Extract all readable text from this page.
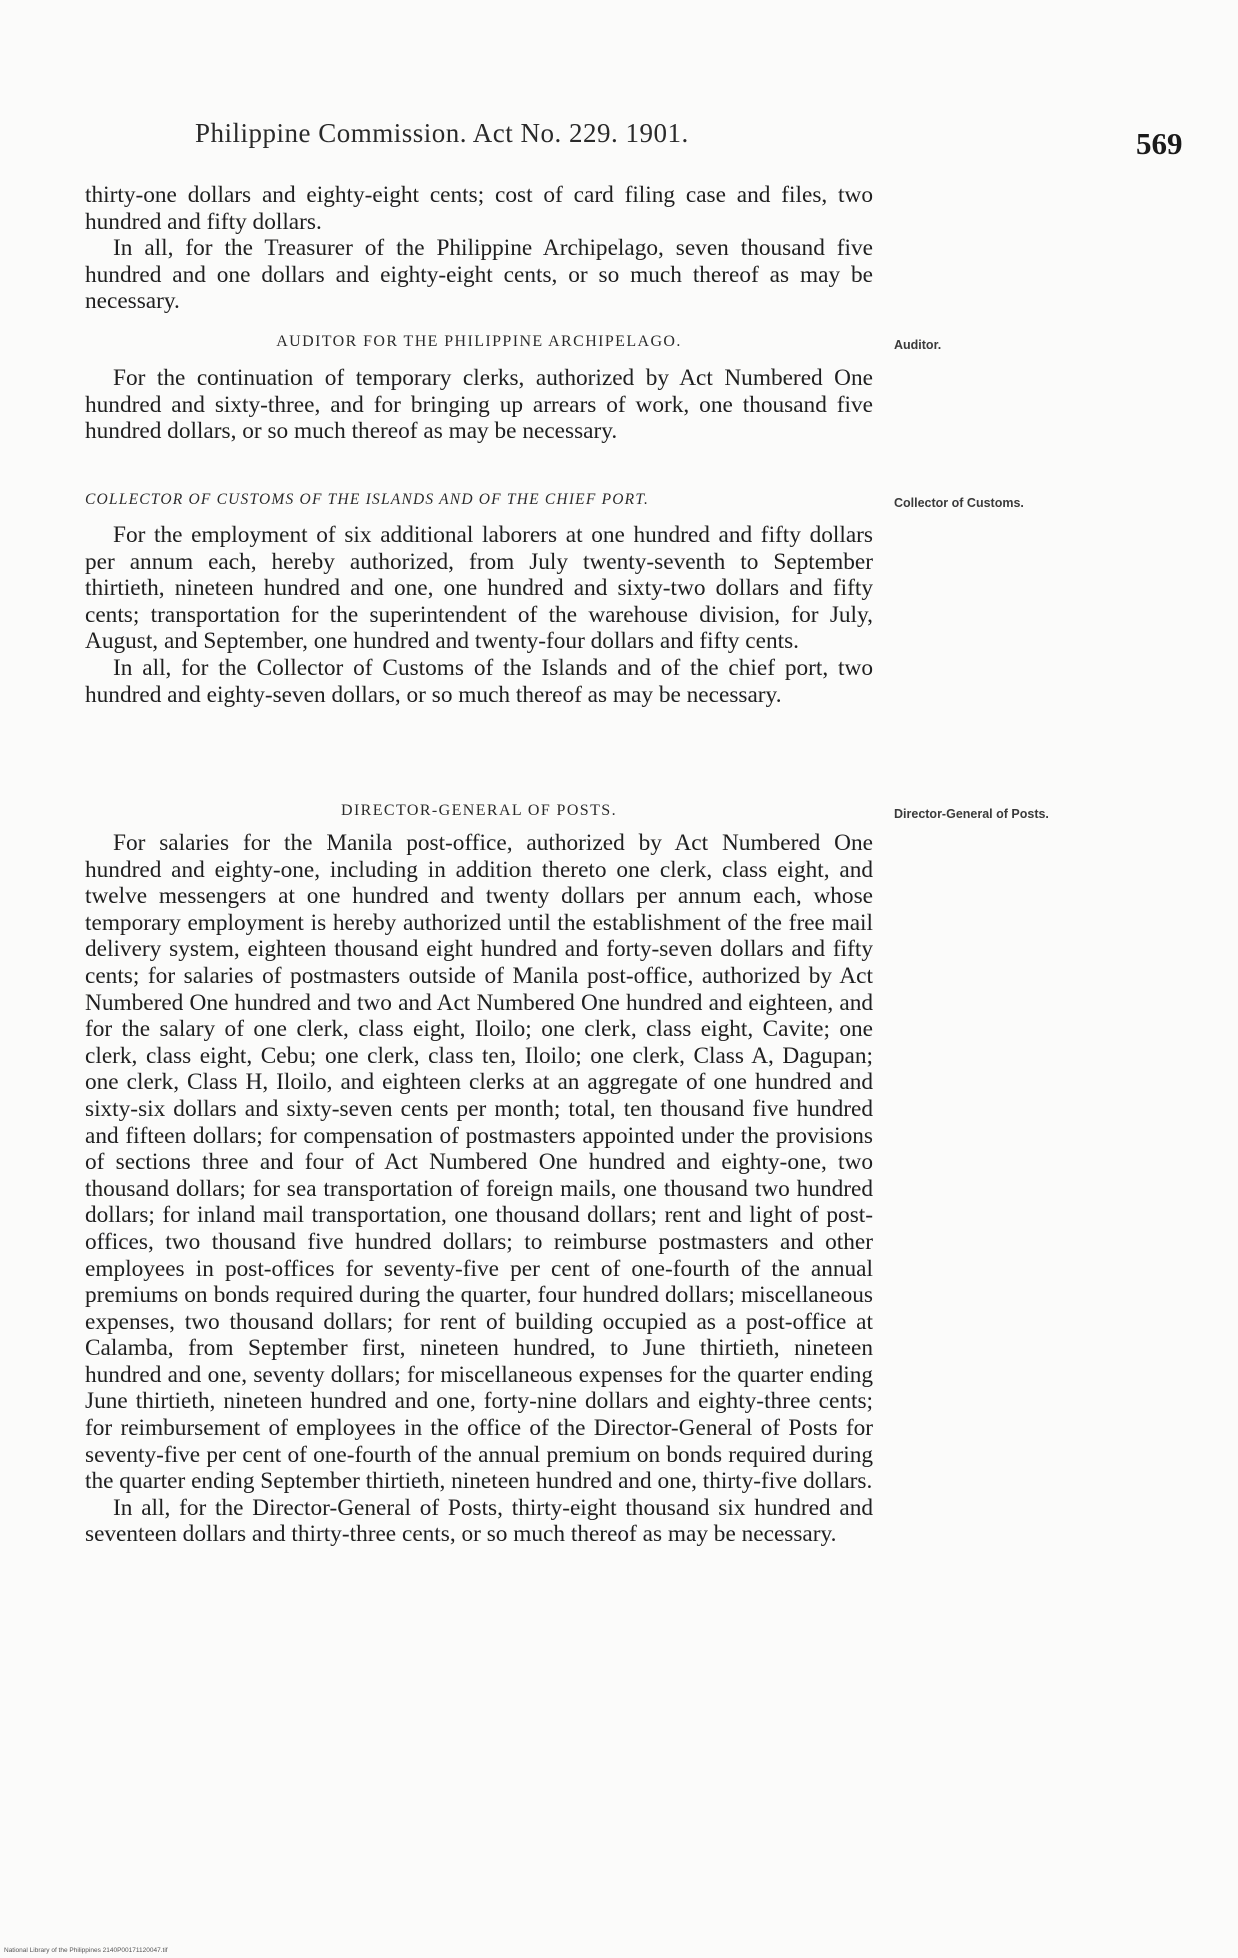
Philippine Commission. Act No. 229. 1901.	569

thirty-one dollars and eighty-eight cents; cost of card filing case and files, two hundred and fifty dollars.

In all, for the Treasurer of the Philippine Archipelago, seven thousand five hundred and one dollars and eighty-eight cents, or so much thereof as may be necessary.

AUDITOR FOR THE PHILIPPINE ARCHIPELAGO.	Auditor.

For the continuation of temporary clerks, authorized by Act Numbered One hundred and sixty-three, and for bringing up arrears of work, one thousand five hundred dollars, or so much thereof as may be necessary.

COLLECTOR OF CUSTOMS OF THE ISLANDS AND OF THE CHIEF PORT.	Collector of Customs.

For the employment of six additional laborers at one hundred and fifty dollars per annum each, hereby authorized, from July twenty-seventh to September thirtieth, nineteen hundred and one, one hundred and sixty-two dollars and fifty cents; transportation for the superintendent of the warehouse division, for July, August, and September, one hundred and twenty-four dollars and fifty cents.

In all, for the Collector of Customs of the Islands and of the chief port, two hundred and eighty-seven dollars, or so much thereof as may be necessary.

DIRECTOR-GENERAL OF POSTS.	Director-General of Posts.

For salaries for the Manila post-office, authorized by Act Numbered One hundred and eighty-one, including in addition thereto one clerk, class eight, and twelve messengers at one hundred and twenty dollars per annum each, whose temporary employment is hereby authorized until the establishment of the free mail delivery system, eighteen thousand eight hundred and forty-seven dollars and fifty cents; for salaries of postmasters outside of Manila post-office, authorized by Act Numbered One hundred and two and Act Numbered One hundred and eighteen, and for the salary of one clerk, class eight, Iloilo; one clerk, class eight, Cavite; one clerk, class eight, Cebu; one clerk, class ten, Iloilo; one clerk, Class A, Dagupan; one clerk, Class H, Iloilo, and eighteen clerks at an aggregate of one hundred and sixty-six dollars and sixty-seven cents per month; total, ten thousand five hundred and fifteen dollars; for compensation of postmasters appointed under the provisions of sections three and four of Act Numbered One hundred and eighty-one, two thousand dollars; for sea transportation of foreign mails, one thousand two hundred dollars; for inland mail transportation, one thousand dollars; rent and light of post-offices, two thousand five hundred dollars; to reimburse postmasters and other employees in post-offices for seventy-five per cent of one-fourth of the annual premiums on bonds required during the quarter, four hundred dollars; miscellaneous expenses, two thousand dollars; for rent of building occupied as a post-office at Calamba, from September first, nineteen hundred, to June thirtieth, nineteen hundred and one, seventy dollars; for miscellaneous expenses for the quarter ending June thirtieth, nineteen hundred and one, forty-nine dollars and eighty-three cents; for reimbursement of employees in the office of the Director-General of Posts for seventy-five per cent of one-fourth of the annual premium on bonds required during the quarter ending September thirtieth, nineteen hundred and one, thirty-five dollars.

In all, for the Director-General of Posts, thirty-eight thousand six hundred and seventeen dollars and thirty-three cents, or so much thereof as may be necessary.

National Library of the Philippines 2140P00171120047.tif
